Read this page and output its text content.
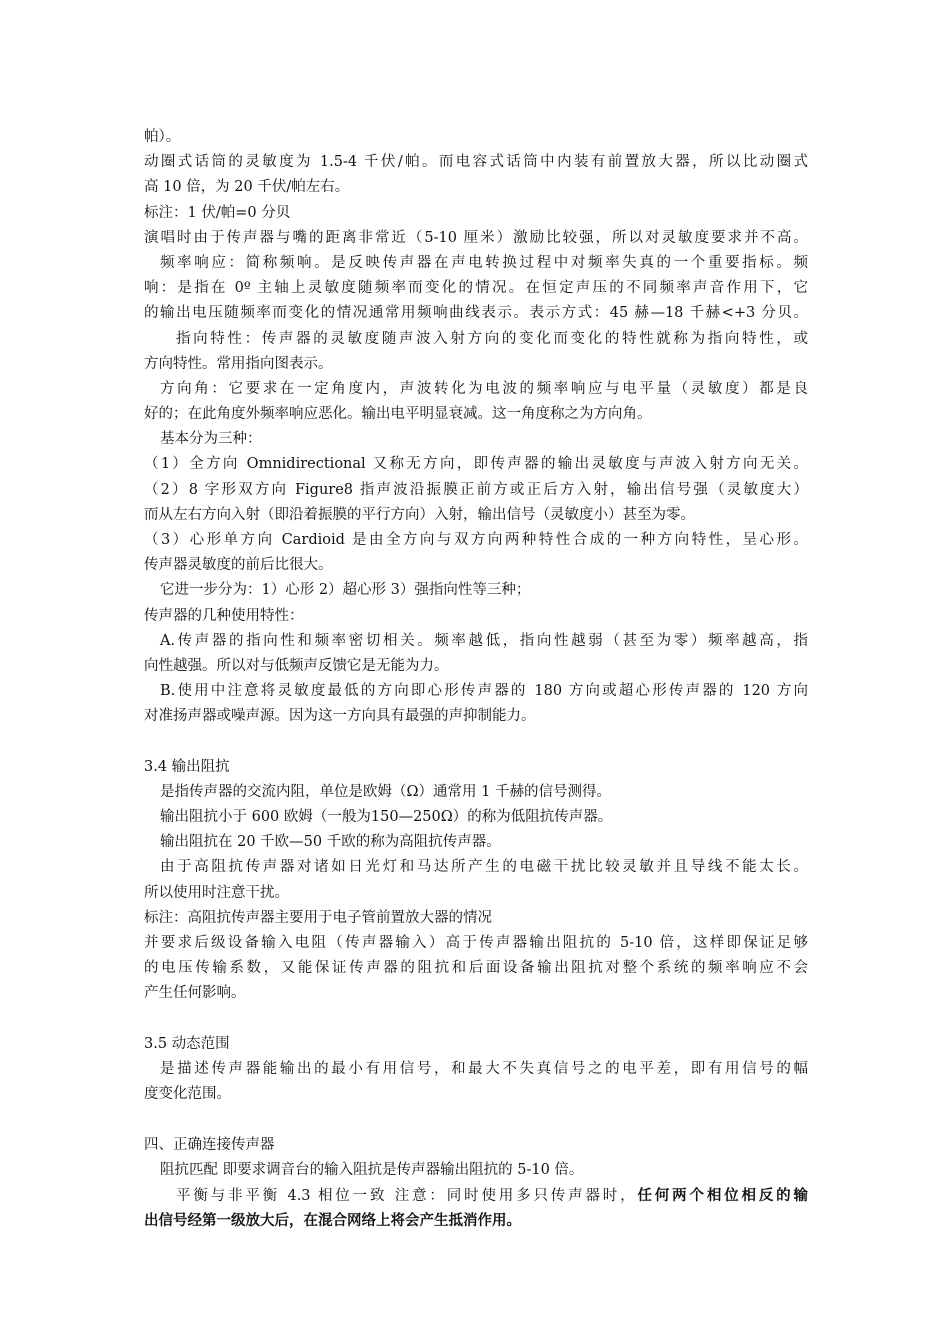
帕）。
动圈式话筒的灵敏度为 1.5-4 千伏/帕。而电容式话筒中内装有前置放大器，所以比动圈式
高 10 倍，为 20 千伏/帕左右。
标注：1 伏/帕=0 分贝
演唱时由于传声器与嘴的距离非常近（5-10 厘米）激励比较强，所以对灵敏度要求并不高。
频率响应：简称频响。是反映传声器在声电转换过程中对频率失真的一个重要指标。频
响：是指在 0º 主轴上灵敏度随频率而变化的情况。在恒定声压的不同频率声音作用下，它
的输出电压随频率而变化的情况通常用频响曲线表示。表示方式：45 赫—18 千赫<+3 分贝。
指向特性：传声器的灵敏度随声波入射方向的变化而变化的特性就称为指向特性，或
方向特性。常用指向图表示。
方向角：它要求在一定角度内，声波转化为电波的频率响应与电平量（灵敏度）都是良
好的；在此角度外频率响应恶化。输出电平明显衰减。这一角度称之为方向角。
基本分为三种：
（1）全方向 Omnidirectional 又称无方向，即传声器的输出灵敏度与声波入射方向无关。
（2）8 字形双方向 Figure8 指声波沿振膜正前方或正后方入射，输出信号强（灵敏度大）
而从左右方向入射（即沿着振膜的平行方向）入射，输出信号（灵敏度小）甚至为零。
（3）心形单方向 Cardioid 是由全方向与双方向两种特性合成的一种方向特性，呈心形。
传声器灵敏度的前后比很大。
它进一步分为：1）心形 2）超心形 3）强指向性等三种；
传声器的几种使用特性：
A.传声器的指向性和频率密切相关。频率越低，指向性越弱（甚至为零）频率越高，指
向性越强。所以对与低频声反馈它是无能为力。
B.使用中注意将灵敏度最低的方向即心形传声器的 180 方向或超心形传声器的 120 方向
对准扬声器或噪声源。因为这一方向具有最强的声抑制能力。
3.4 输出阻抗
是指传声器的交流内阻，单位是欧姆（Ω）通常用 1 千赫的信号测得。
输出阻抗小于 600 欧姆（一般为150—250Ω）的称为低阻抗传声器。
输出阻抗在 20 千欧—50 千欧的称为高阻抗传声器。
由于高阻抗传声器对诸如日光灯和马达所产生的电磁干扰比较灵敏并且导线不能太长。
所以使用时注意干扰。
标注：高阻抗传声器主要用于电子管前置放大器的情况
并要求后级设备输入电阻（传声器输入）高于传声器输出阻抗的 5-10 倍，这样即保证足够
的电压传输系数，又能保证传声器的阻抗和后面设备输出阻抗对整个系统的频率响应不会
产生任何影响。
3.5 动态范围
是描述传声器能输出的最小有用信号，和最大不失真信号之的电平差，即有用信号的幅
度变化范围。
四、正确连接传声器
阻抗匹配 即要求调音台的输入阻抗是传声器输出阻抗的 5-10 倍。
平衡与非平衡 4.3 相位一致 注意：同时使用多只传声器时，任何两个相位相反的输
出信号经第一级放大后，在混合网络上将会产生抵消作用。
